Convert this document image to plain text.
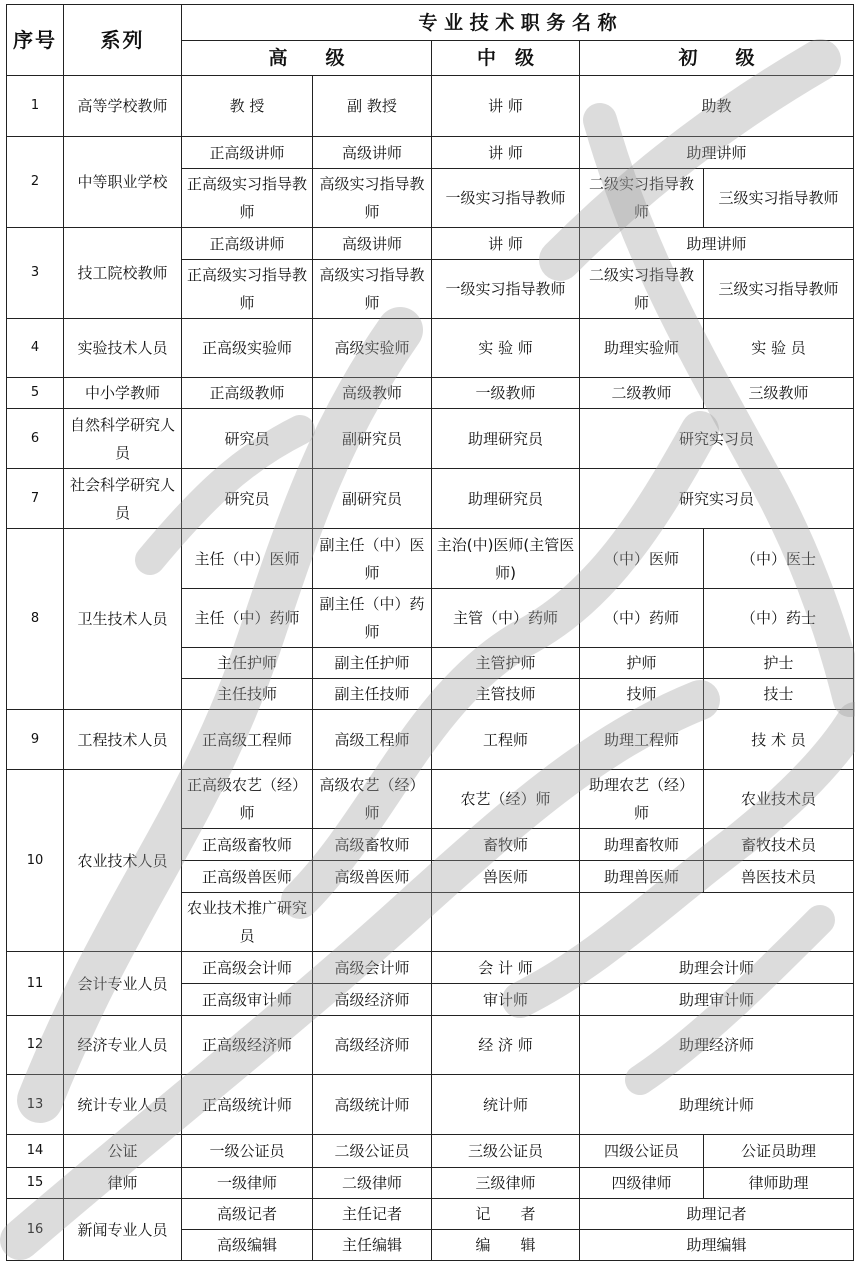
序号	系列	专 业 技 术 职 务 名 称				
		高　　级		中　级	初　　级	
1	高等学校教师	教 授	副 教授	讲 师	助教	
2	中等职业学校	正高级讲师	高级讲师	讲 师	助理讲师	
		正高级实习指导教师	高级实习指导教师	一级实习指导教师	二级实习指导教师	三级实习指导教师
3	技工院校教师	正高级讲师	高级讲师	讲 师	助理讲师	
		正高级实习指导教师	高级实习指导教师	一级实习指导教师	二级实习指导教师	三级实习指导教师
4	实验技术人员	正高级实验师	高级实验师	实 验 师	助理实验师	实 验 员
5	中小学教师	正高级教师	高级教师	一级教师	二级教师	三级教师
6	自然科学研究人员	研究员	副研究员	助理研究员	研究实习员	
7	社会科学研究人员	研究员	副研究员	助理研究员	研究实习员	
8	卫生技术人员	主任（中）医师	副主任（中）医师	主治(中)医师(主管医师)	（中）医师	（中）医士
		主任（中）药师	副主任（中）药师	主管（中）药师	（中）药师	（中）药士
		主任护师	副主任护师	主管护师	护师	护士
		主任技师	副主任技师	主管技师	技师	技士
9	工程技术人员	正高级工程师	高级工程师	工程师	助理工程师	技 术 员
10	农业技术人员	正高级农艺（经）师	高级农艺（经）师	农艺（经）师	助理农艺（经）师	农业技术员
		正高级畜牧师	高级畜牧师	畜牧师	助理畜牧师	畜牧技术员
		正高级兽医师	高级兽医师	兽医师	助理兽医师	兽医技术员
		农业技术推广研究员				
11	会计专业人员	正高级会计师	高级会计师	会 计 师	助理会计师	
		正高级审计师	高级经济师	审计师	助理审计师	
12	经济专业人员	正高级经济师	高级经济师	经 济 师	助理经济师	
13	统计专业人员	正高级统计师	高级统计师	统计师	助理统计师	
14	公证	一级公证员	二级公证员	三级公证员	四级公证员	公证员助理
15	律师	一级律师	二级律师	三级律师	四级律师	律师助理
16	新闻专业人员	高级记者	主任记者	记　　者	助理记者	
		高级编辑	主任编辑	编　　辑	助理编辑	
